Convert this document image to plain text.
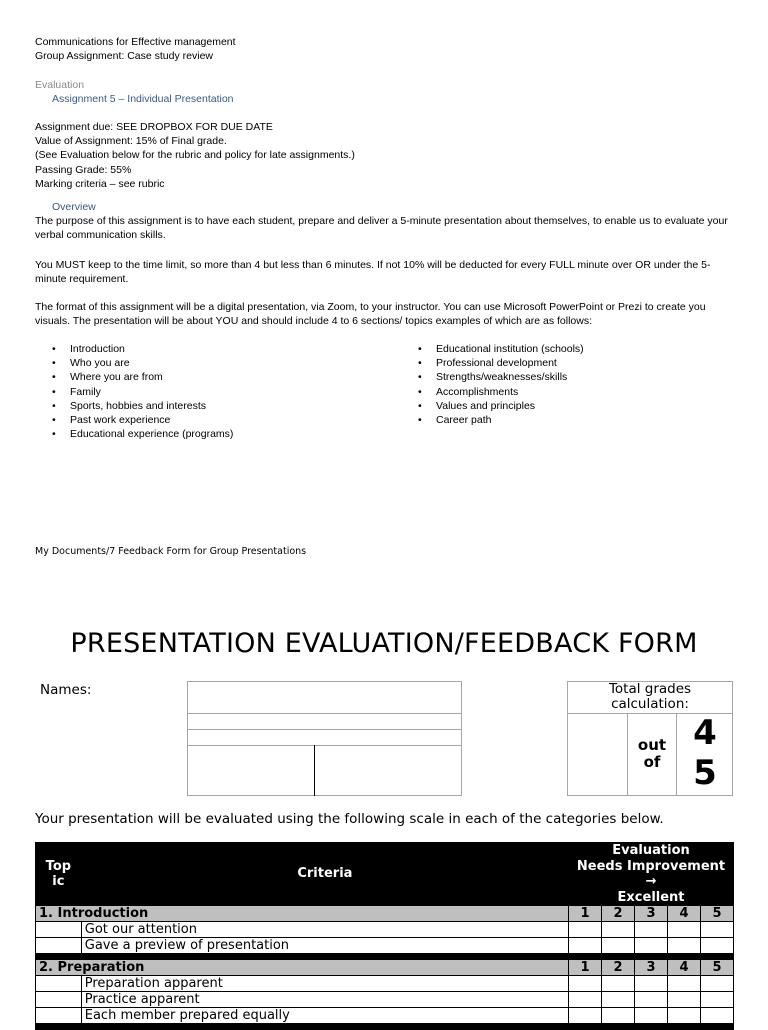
Communications for Effective management
Group Assignment: Case study review
Evaluation
Assignment 5 – Individual Presentation
Assignment due: SEE DROPBOX FOR DUE DATE
Value of Assignment: 15% of Final grade.
(See Evaluation below for the rubric and policy for late assignments.)
Passing Grade: 55%
Marking criteria – see rubric
Overview

The purpose of this assignment is to have each student, prepare and deliver a 5-minute presentation about themselves, to enable us to evaluate your verbal communication skills.

You MUST keep to the time limit, so more than 4 but less than 6 minutes. If not 10% will be deducted for every FULL minute over OR under the 5-minute requirement.

The format of this assignment will be a digital presentation, via Zoom, to your instructor. You can use Microsoft PowerPoint or Prezi to create you visuals. The presentation will be about YOU and should include 4 to 6 sections/ topics examples of which are as follows:

• Introduction
• Who you are
• Where you are from
• Family
• Sports, hobbies and interests
• Past work experience
• Educational experience (programs)
• Educational institution (schools)
• Professional development
• Strengths/weaknesses/skills
• Accomplishments
• Values and principles
• Career path
My Documents/7 Feedback Form for Group Presentations
PRESENTATION EVALUATION/FEEDBACK FORM
Names:	Total grades calculation:
out of
4
5
Your presentation will be evaluated using the following scale in each of the categories below.
Top ic	Criteria	Evaluation
Needs Improvement →
Excellent				

1. Introduction		1	2	3	4	5
	Got our attention					
	Gave a preview of presentation					

2. Preparation		1	2	3	4	5
	Preparation apparent					
	Practice apparent					
	Each member prepared equally					
